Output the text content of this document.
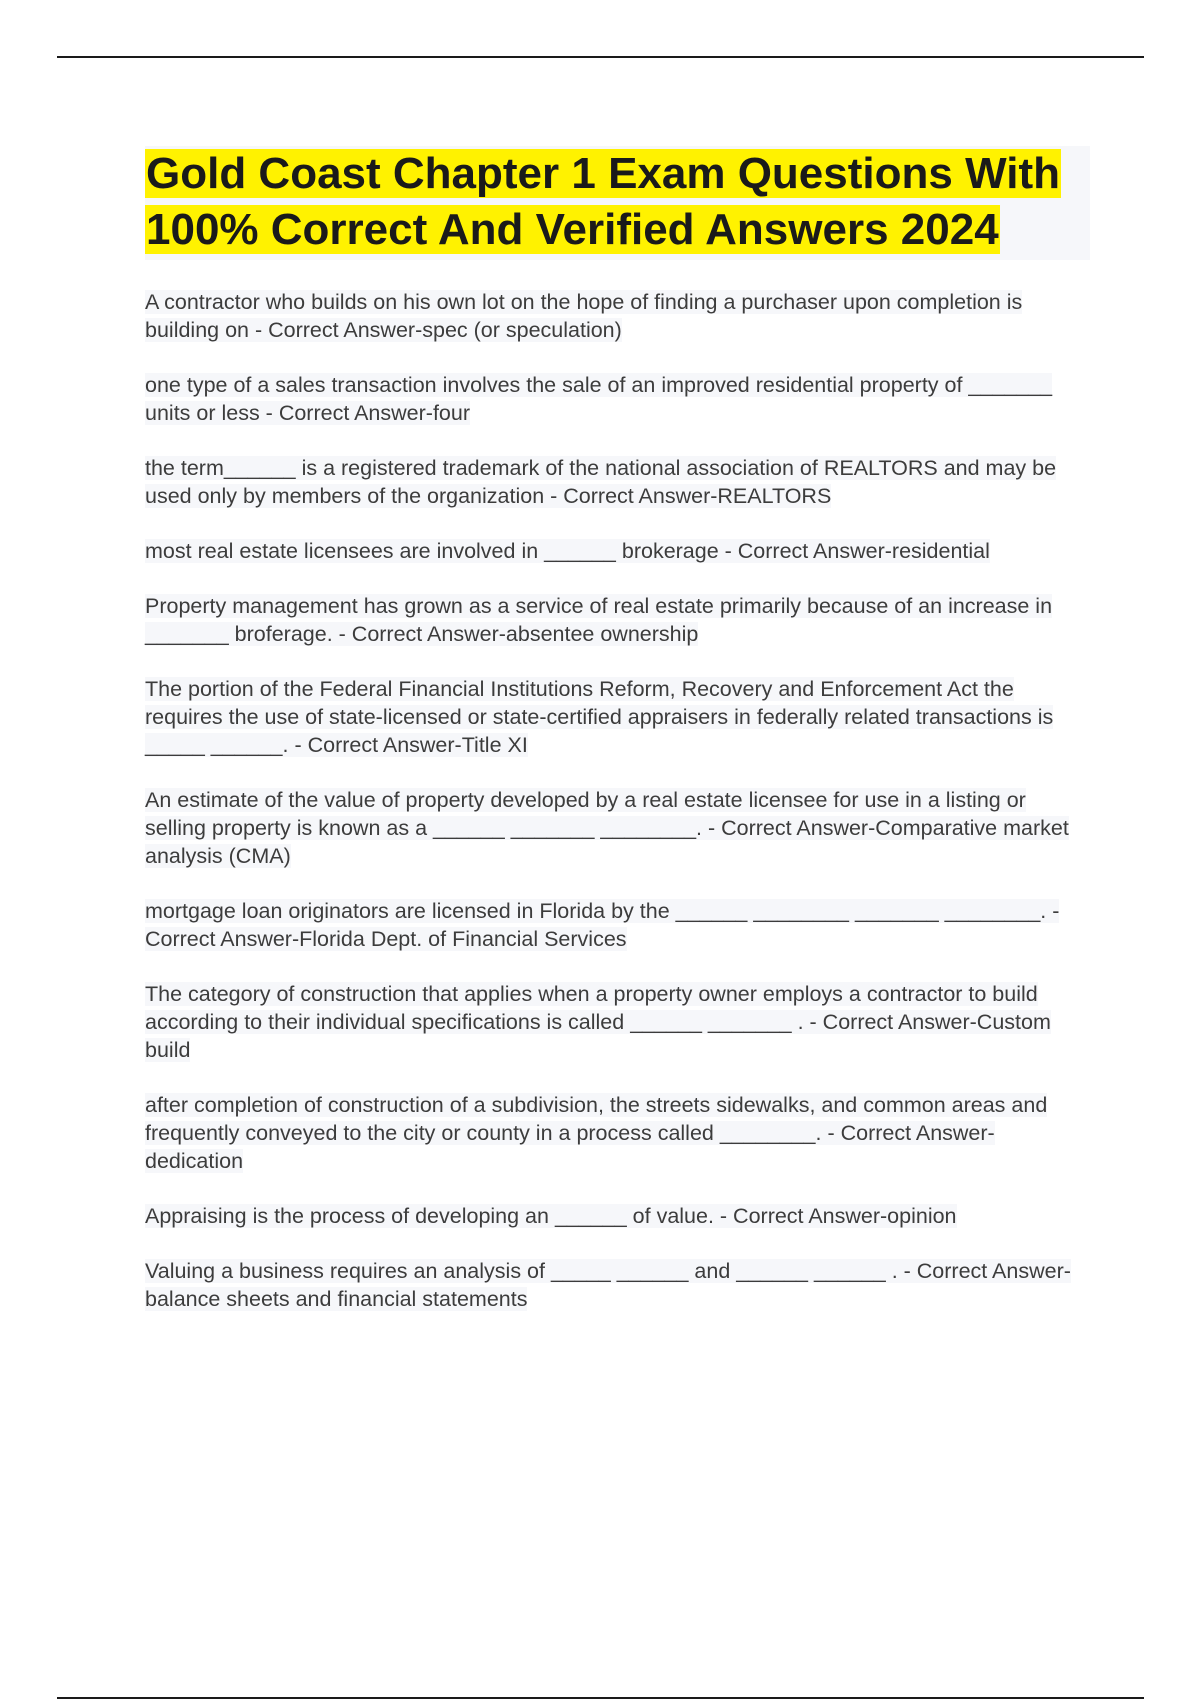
Gold Coast Chapter 1 Exam Questions With 100% Correct And Verified Answers 2024

A contractor who builds on his own lot on the hope of finding a purchaser upon completion is building on - Correct Answer-spec (or speculation)

one type of a sales transaction involves the sale of an improved residential property of _______ units or less - Correct Answer-four

the term______ is a registered trademark of the national association of REALTORS and may be used only by members of the organization - Correct Answer-REALTORS

most real estate licensees are involved in ______ brokerage - Correct Answer-residential

Property management has grown as a service of real estate primarily because of an increase in _______ broferage. - Correct Answer-absentee ownership

The portion of the Federal Financial Institutions Reform, Recovery and Enforcement Act the requires the use of state-licensed or state-certified appraisers in federally related transactions is _____ ______. - Correct Answer-Title XI

An estimate of the value of property developed by a real estate licensee for use in a listing or selling property is known as a ______ _______ ________. - Correct Answer-Comparative market analysis (CMA)

mortgage loan originators are licensed in Florida by the ______ ________ _______ ________. - Correct Answer-Florida Dept. of Financial Services

The category of construction that applies when a property owner employs a contractor to build according to their individual specifications is called ______ _______ . - Correct Answer-Custom build

after completion of construction of a subdivision, the streets sidewalks, and common areas and frequently conveyed to the city or county in a process called ________. - Correct Answer-dedication

Appraising is the process of developing an ______ of value. - Correct Answer-opinion

Valuing a business requires an analysis of _____ ______ and ______ ______ . - Correct Answer-balance sheets and financial statements
